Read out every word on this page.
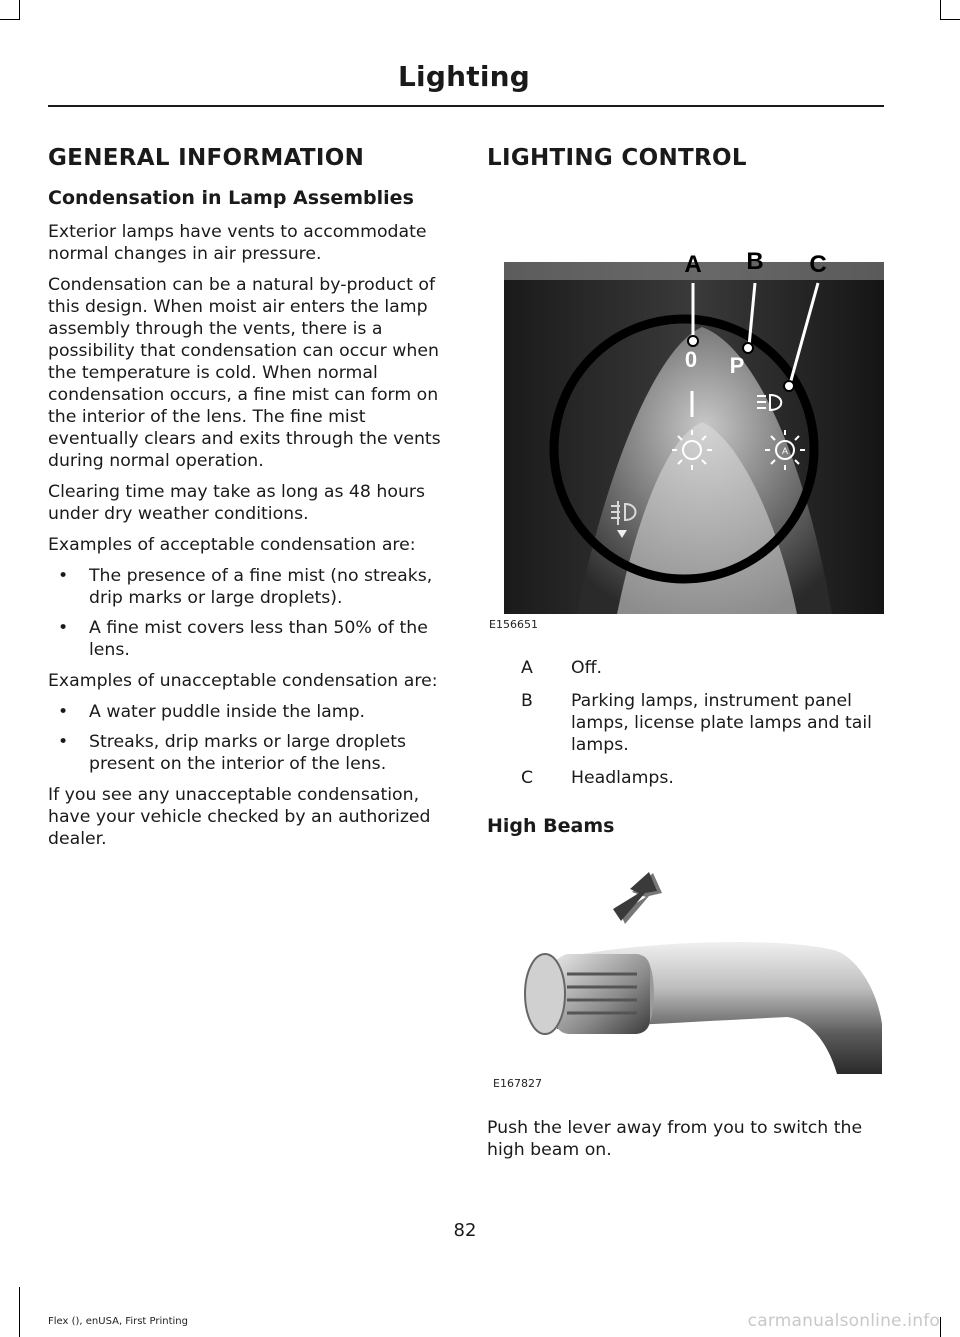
Lighting
GENERAL INFORMATION
Condensation in Lamp Assemblies

Exterior lamps have vents to accommodate normal changes in air pressure.

Condensation can be a natural by-product of this design. When moist air enters the lamp assembly through the vents, there is a possibility that condensation can occur when the temperature is cold. When normal condensation occurs, a fine mist can form on the interior of the lens. The fine mist eventually clears and exits through the vents during normal operation.

Clearing time may take as long as 48 hours under dry weather conditions.

Examples of acceptable condensation are:

• The presence of a fine mist (no streaks, drip marks or large droplets).
• A fine mist covers less than 50% of the lens.

Examples of unacceptable condensation are:

• A water puddle inside the lamp.
• Streaks, drip marks or large droplets present on the interior of the lens.

If you see any unacceptable condensation, have your vehicle checked by an authorized dealer.

LIGHTING CONTROL
A B C
0 P
A
E156651
A	Off.
B	Parking lamps, instrument panel lamps, license plate lamps and tail lamps.
C	Headlamps.
High Beams
E167827

Push the lever away from you to switch the high beam on.

82
Flex (), enUSA, First Printing	carmanualsonline.info
